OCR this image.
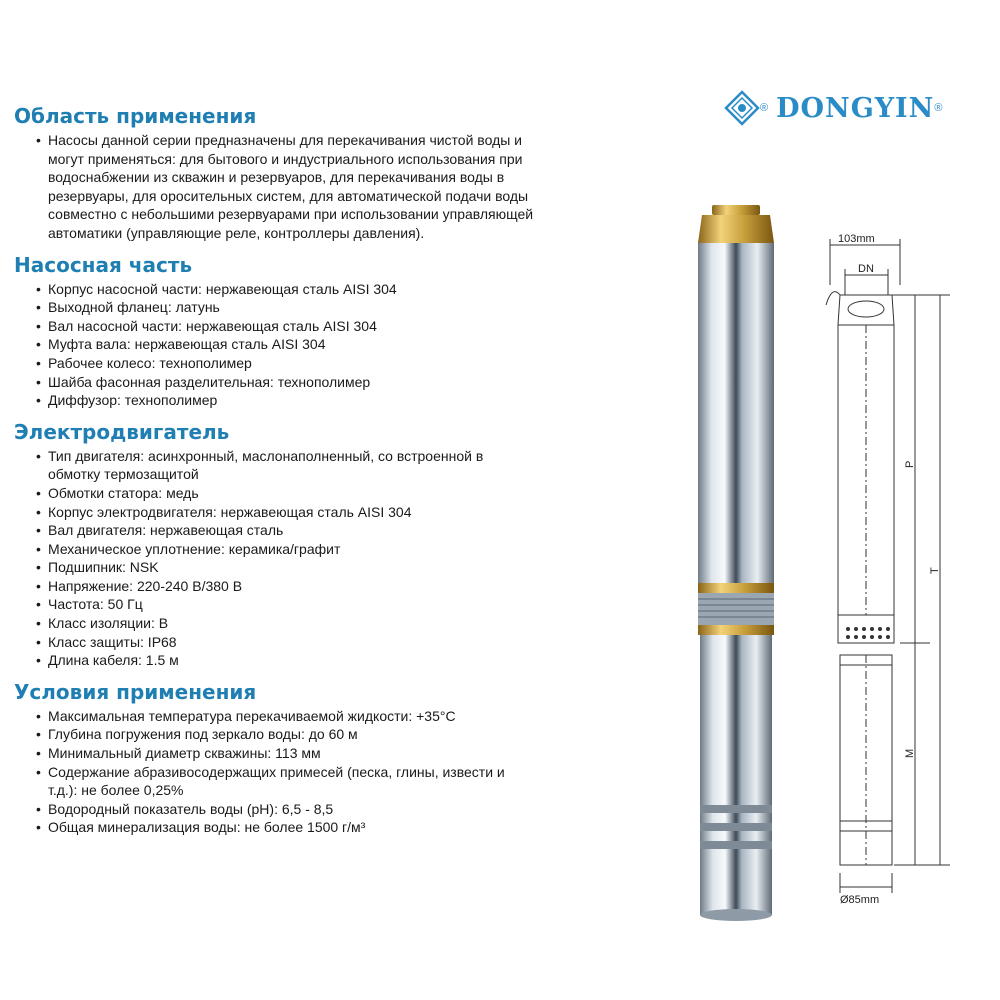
Область применения
• Насосы данной серии предназначены для перекачивания чистой воды и могут применяться: для бытового и индустриального использования при водоснабжении из скважин и резервуаров, для перекачивания воды в резервуары, для оросительных систем, для автоматической подачи воды совместно с небольшими резервуарами при использовании управляющей автоматики (управляющие реле, контроллеры давления).
Насосная часть
• Корпус насосной части: нержавеющая сталь AISI 304
• Выходной фланец: латунь
• Вал насосной части: нержавеющая сталь AISI 304
• Муфта вала: нержавеющая сталь AISI 304
• Рабочее колесо: технополимер
• Шайба фасонная разделительная: технополимер
• Диффузор: технополимер
Электродвигатель
• Тип двигателя: асинхронный, маслонаполненный, со встроенной в обмотку термозащитой
• Обмотки статора: медь
• Корпус электродвигателя: нержавеющая сталь AISI 304
• Вал двигателя: нержавеющая сталь
• Механическое уплотнение: керамика/графит
• Подшипник: NSK
• Напряжение: 220-240 В/380 В
• Частота: 50 Гц
• Класс изоляции: B
• Класс защиты: IP68
• Длина кабеля: 1.5 м
Условия применения
• Максимальная температура перекачиваемой жидкости: +35°C
• Глубина погружения под зеркало воды: до 60 м
• Минимальный диаметр скважины: 113 мм
• Содержание абразивосодержащих примесей (песка, глины, извести и т.д.): не более 0,25%
• Водородный показатель воды (pH): 6,5 - 8,5
• Общая минерализация воды: не более 1500 г/м³
® DONGYIN ®
103mm
DN
P
T
M
Ø85mm
